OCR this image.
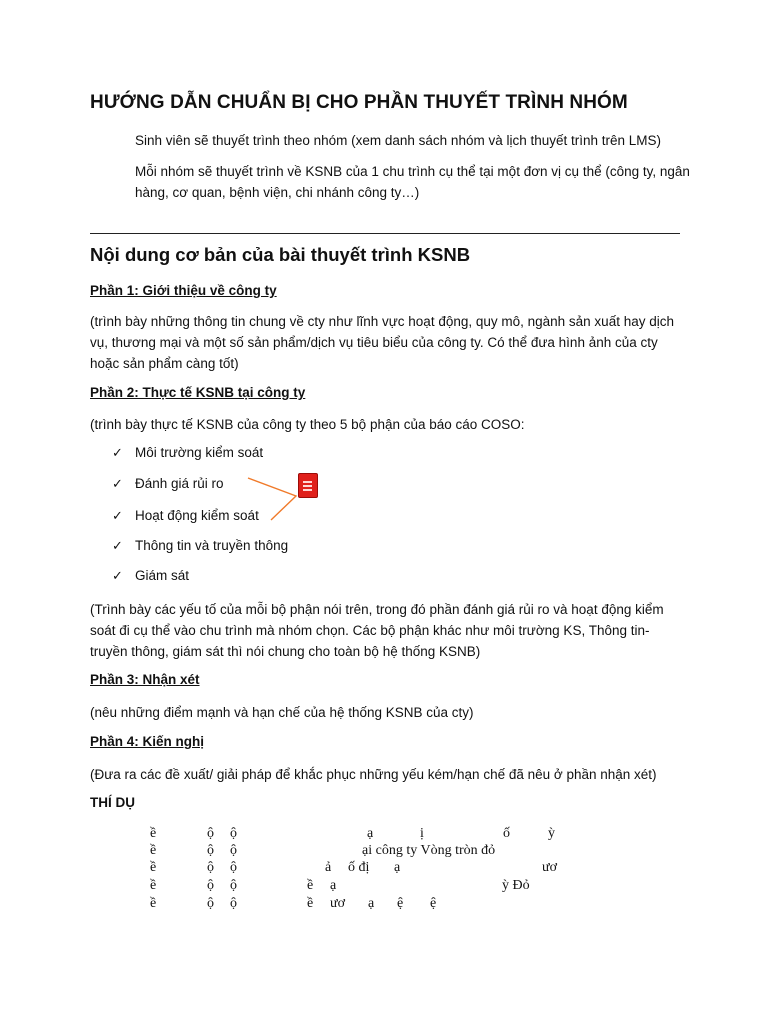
HƯỚNG DẪN CHUẨN BỊ CHO PHẦN THUYẾT TRÌNH NHÓM
Sinh viên sẽ thuyết trình theo nhóm (xem danh sách nhóm và lịch thuyết trình trên LMS)
Mỗi nhóm sẽ thuyết trình về KSNB của 1 chu trình cụ thể tại một đơn vị cụ thể (công ty, ngân hàng, cơ quan, bệnh viện, chi nhánh công ty…)
Nội dung cơ bản của bài thuyết trình KSNB
Phần 1: Giới thiệu về công ty
(trình bày những thông tin chung về cty như lĩnh vực hoạt động, quy mô, ngành sản xuất hay dịch vụ, thương mại và một số sản phẩm/dịch vụ tiêu biểu của công ty. Có thể đưa hình ảnh của cty hoặc sản phẩm càng tốt)
Phần 2: Thực tế KSNB tại công ty
(trình bày thực tế KSNB của công ty theo 5 bộ phận của báo cáo COSO:
✓ Môi trường kiểm soát
✓ Đánh giá rủi ro
✓ Hoạt động kiểm soát
✓ Thông tin và truyền thông
✓ Giám sát
(Trình bày các yếu tố của mỗi bộ phận nói trên, trong đó phần đánh giá rủi ro và hoạt động kiểm soát đi cụ thể vào chu trình mà nhóm chọn. Các bộ phận khác như môi trường KS, Thông tin- truyền thông, giám sát thì nói chung cho toàn bộ hệ thống KSNB)
Phần 3: Nhận xét
(nêu những điểm mạnh và hạn chế của hệ thống KSNB của cty)
Phần 4: Kiến nghị
(Đưa ra các đề xuất/ giải pháp để khắc phục những yếu kém/hạn chế đã nêu ở phần nhận xét)
THÍ DỤ
ề	ộ ộ	ạ	ị	ố	ỳ
ề	ộ ộ	ại công ty Vòng tròn đỏ
ề	ộ ộ	ả ố đị ạ	ươ
ề	ộ ộ	ề ạ	ỳ Đỏ
ề	ộ ộ	ề ươ ạ ệ ệ
